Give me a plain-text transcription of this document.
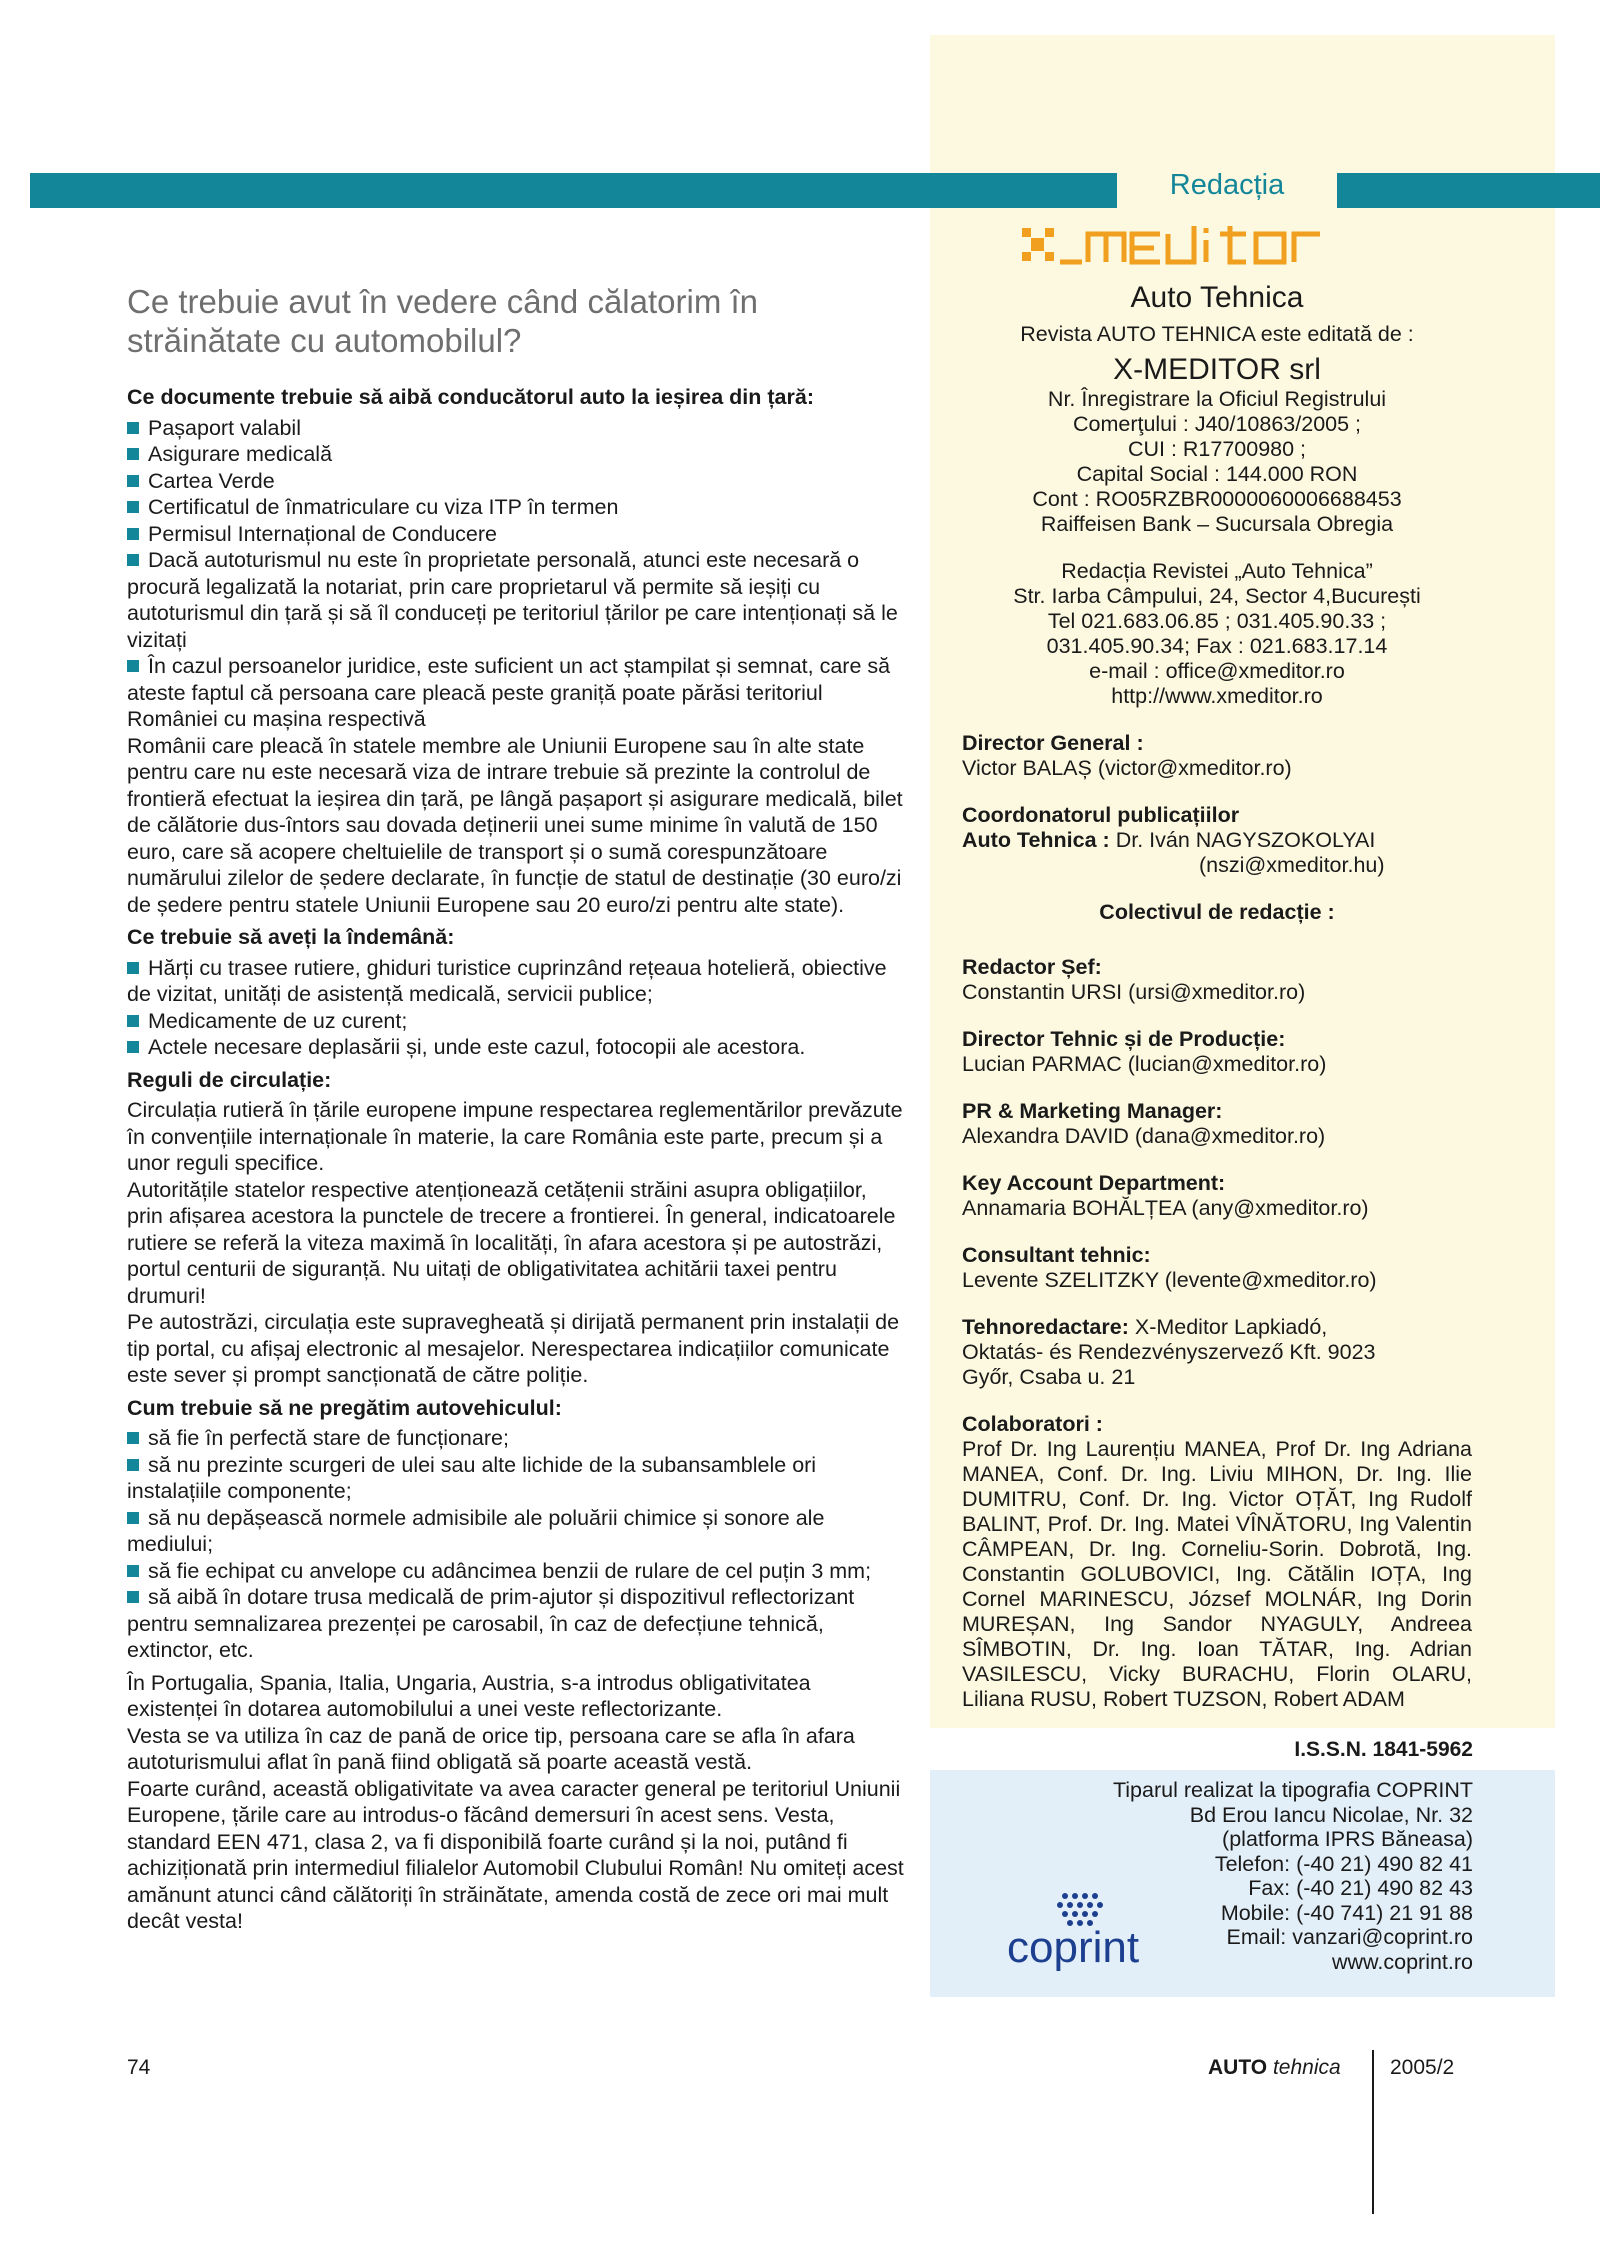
Redacția
Ce trebuie avut în vedere când călatorim în străinătate cu automobilul?
Ce documente trebuie să aibă conducătorul auto la ieșirea din țară:

Pașaport valabil

Asigurare medicală

Cartea Verde

Certificatul de înmatriculare cu viza ITP în termen

Permisul Internațional de Conducere

Dacă autoturismul nu este în proprietate personală, atunci este necesară o procură legalizată la notariat, prin care proprietarul vă permite să ieșiți cu autoturismul din țară și să îl conduceți pe teritoriul țărilor pe care intenționați să le vizitați

În cazul persoanelor juridice, este suficient un act ștampilat și semnat, care să ateste faptul că persoana care pleacă peste graniță poate părăsi teritoriul României cu mașina respectivă

Românii care pleacă în statele membre ale Uniunii Europene sau în alte state pentru care nu este necesară viza de intrare trebuie să prezinte la controlul de frontieră efectuat la ieșirea din țară, pe lângă pașaport și asigurare medicală, bilet de călătorie dus-întors sau dovada deținerii unei sume minime în valută de 150 euro, care să acopere cheltuielile de transport și o sumă corespunzătoare numărului zilelor de ședere declarate, în funcție de statul de destinație (30 euro/zi de ședere pentru statele Uniunii Europene sau 20 euro/zi pentru alte state).

Ce trebuie să aveți la îndemână:

Hărți cu trasee rutiere, ghiduri turistice cuprinzând rețeaua hotelieră, obiective de vizitat, unități de asistență medicală, servicii publice;

Medicamente de uz curent;

Actele necesare deplasării și, unde este cazul, fotocopii ale acestora.

Reguli de circulație:

Circulația rutieră în țările europene impune respectarea reglementărilor prevăzute în convențiile internaționale în materie, la care România este parte, precum și a unor reguli specifice.

Autoritățile statelor respective atenționează cetățenii străini asupra obligațiilor, prin afișarea acestora la punctele de trecere a frontierei. În general, indicatoarele rutiere se referă la viteza maximă în localități, în afara acestora și pe autostrăzi, portul centurii de siguranță. Nu uitați de obligativitatea achitării taxei pentru drumuri!

Pe autostrăzi, circulația este supravegheată și dirijată permanent prin instalații de tip portal, cu afișaj electronic al mesajelor. Nerespectarea indicațiilor comunicate este sever și prompt sancționată de către poliție.

Cum trebuie să ne pregătim autovehiculul:

să fie în perfectă stare de funcționare;

să nu prezinte scurgeri de ulei sau alte lichide de la subansamblele ori instalațiile componente;

să nu depășească normele admisibile ale poluării chimice și sonore ale mediului;

să fie echipat cu anvelope cu adâncimea benzii de rulare de cel puțin 3 mm;

să aibă în dotare trusa medicală de prim-ajutor și dispozitivul reflectorizant pentru semnalizarea prezenței pe carosabil, în caz de defecțiune tehnică, extinctor, etc.

În Portugalia, Spania, Italia, Ungaria, Austria, s-a introdus obligativitatea existenței în dotarea automobilului a unei veste reflectorizante.

Vesta se va utiliza în caz de pană de orice tip, persoana care se afla în afara autoturismului aflat în pană fiind obligată să poarte această vestă.

Foarte curând, această obligativitate va avea caracter general pe teritoriul Uniunii Europene, țările care au introdus-o făcând demersuri în acest sens. Vesta, standard EEN 471, clasa 2, va fi disponibilă foarte curând și la noi, putând fi achiziționată prin intermediul filialelor Automobil Clubului Român! Nu omiteți acest amănunt atunci când călătoriți în străinătate, amenda costă de zece ori mai mult decât vesta!

Auto Tehnica
Revista AUTO TEHNICA este editată de :
X-MEDITOR srl
Nr. Înregistrare la Oficiul Registrului
Comerţului : J40/10863/2005 ;
CUI : R17700980 ;
Capital Social : 144.000 RON
Cont : RO05RZBR0000060006688453
Raiffeisen Bank – Sucursala Obregia
Redacția Revistei „Auto Tehnica”
Str. Iarba Câmpului, 24, Sector 4,București
Tel 021.683.06.85 ; 031.405.90.33 ;
031.405.90.34; Fax : 021.683.17.14
e-mail : office@xmeditor.ro
http://www.xmeditor.ro
Director General :
Victor BALAȘ (victor@xmeditor.ro)
Coordonatorul publicațiilor
Auto Tehnica : Dr. Iván NAGYSZOKOLYAI
(nszi@xmeditor.hu)
Colectivul de redacție :
Redactor Șef:
Constantin URSI (ursi@xmeditor.ro)
Director Tehnic și de Producție:
Lucian PARMAC (lucian@xmeditor.ro)
PR & Marketing Manager:
Alexandra DAVID (dana@xmeditor.ro)
Key Account Department:
Annamaria BOHĂLȚEA (any@xmeditor.ro)
Consultant tehnic:
Levente SZELITZKY (levente@xmeditor.ro)
Tehnoredactare: X-Meditor Lapkiadó,
Oktatás- és Rendezvényszervező Kft. 9023
Győr, Csaba u. 21
Colaboratori :
Prof Dr. Ing Laurențiu MANEA, Prof Dr. Ing Adriana MANEA, Conf. Dr. Ing. Liviu MIHON, Dr. Ing. Ilie DUMITRU, Conf. Dr. Ing. Victor OȚĂT, Ing Rudolf BALINT, Prof. Dr. Ing. Matei VÎNĂTORU, Ing Valentin CÂMPEAN, Dr. Ing. Corneliu-Sorin. Dobrotă, Ing. Constantin GOLUBOVICI, Ing. Cătălin IOȚA, Ing Cornel MARINESCU, József MOLNÁR, Ing Dorin MUREȘAN, Ing Sandor NYAGULY, Andreea SÎMBOTIN, Dr. Ing. Ioan TĂTAR, Ing. Adrian VASILESCU, Vicky BURACHU, Florin OLARU, Liliana RUSU, Robert TUZSON, Robert ADAM
I.S.S.N. 1841-5962
Tiparul realizat la tipografia COPRINT
Bd Erou Iancu Nicolae, Nr. 32
(platforma IPRS Băneasa)
Telefon: (-40 21) 490 82 41
Fax: (-40 21) 490 82 43
Mobile: (-40 741) 21 91 88
Email: vanzari@coprint.ro
www.coprint.ro
coprint
74	AUTO tehnica 2005/2
